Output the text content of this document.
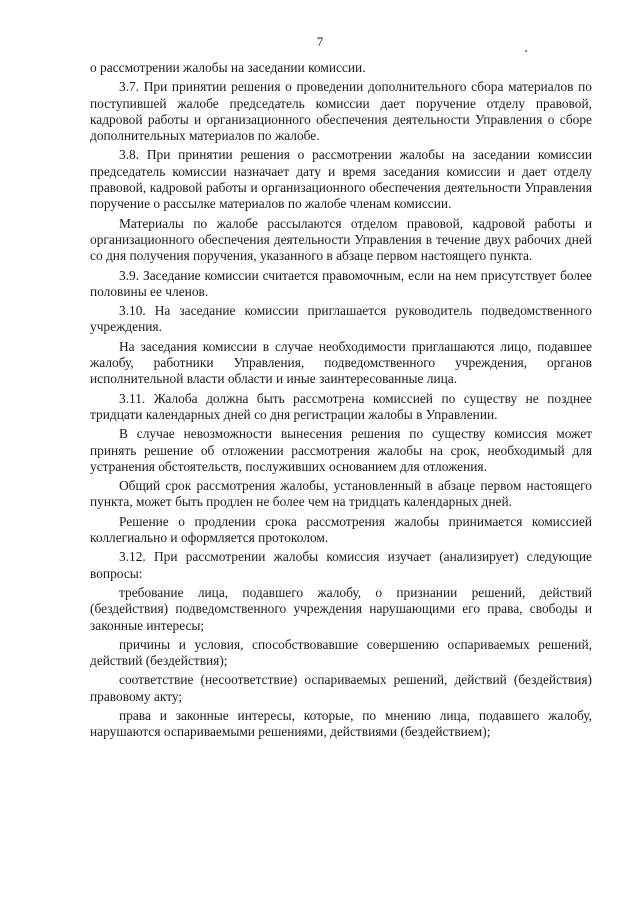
7

о рассмотрении жалобы на заседании комиссии.

3.7. При принятии решения о проведении дополнительного сбора материалов по поступившей жалобе председатель комиссии дает поручение отделу правовой, кадровой работы и организационного обеспечения деятельности Управления о сборе дополнительных материалов по жалобе.

3.8. При принятии решения о рассмотрении жалобы на заседании комиссии председатель комиссии назначает дату и время заседания комиссии и дает отделу правовой, кадровой работы и организационного обеспечения деятельности Управления поручение о рассылке материалов по жалобе членам комиссии.

Материалы по жалобе рассылаются отделом правовой, кадровой работы и организационного обеспечения деятельности Управления в течение двух рабочих дней со дня получения поручения, указанного в абзаце первом настоящего пункта.

3.9. Заседание комиссии считается правомочным, если на нем присутствует более половины ее членов.

3.10. На заседание комиссии приглашается руководитель подведомственного учреждения.

На заседания комиссии в случае необходимости приглашаются лицо, подавшее жалобу, работники Управления, подведомственного учреждения, органов исполнительной власти области и иные заинтересованные лица.

3.11. Жалоба должна быть рассмотрена комиссией по существу не позднее тридцати календарных дней со дня регистрации жалобы в Управлении.

В случае невозможности вынесения решения по существу комиссия может принять решение об отложении рассмотрения жалобы на срок, необходимый для устранения обстоятельств, послуживших основанием для отложения.

Общий срок рассмотрения жалобы, установленный в абзаце первом настоящего пункта, может быть продлен не более чем на тридцать календарных дней.

Решение о продлении срока рассмотрения жалобы принимается комиссией коллегиально и оформляется протоколом.

3.12. При рассмотрении жалобы комиссия изучает (анализирует) следующие вопросы:

требование лица, подавшего жалобу, о признании решений, действий (бездействия) подведомственного учреждения нарушающими его права, свободы и законные интересы;

причины и условия, способствовавшие совершению оспариваемых решений, действий (бездействия);

соответствие (несоответствие) оспариваемых решений, действий (бездействия) правовому акту;

права и законные интересы, которые, по мнению лица, подавшего жалобу, нарушаются оспариваемыми решениями, действиями (бездействием);
